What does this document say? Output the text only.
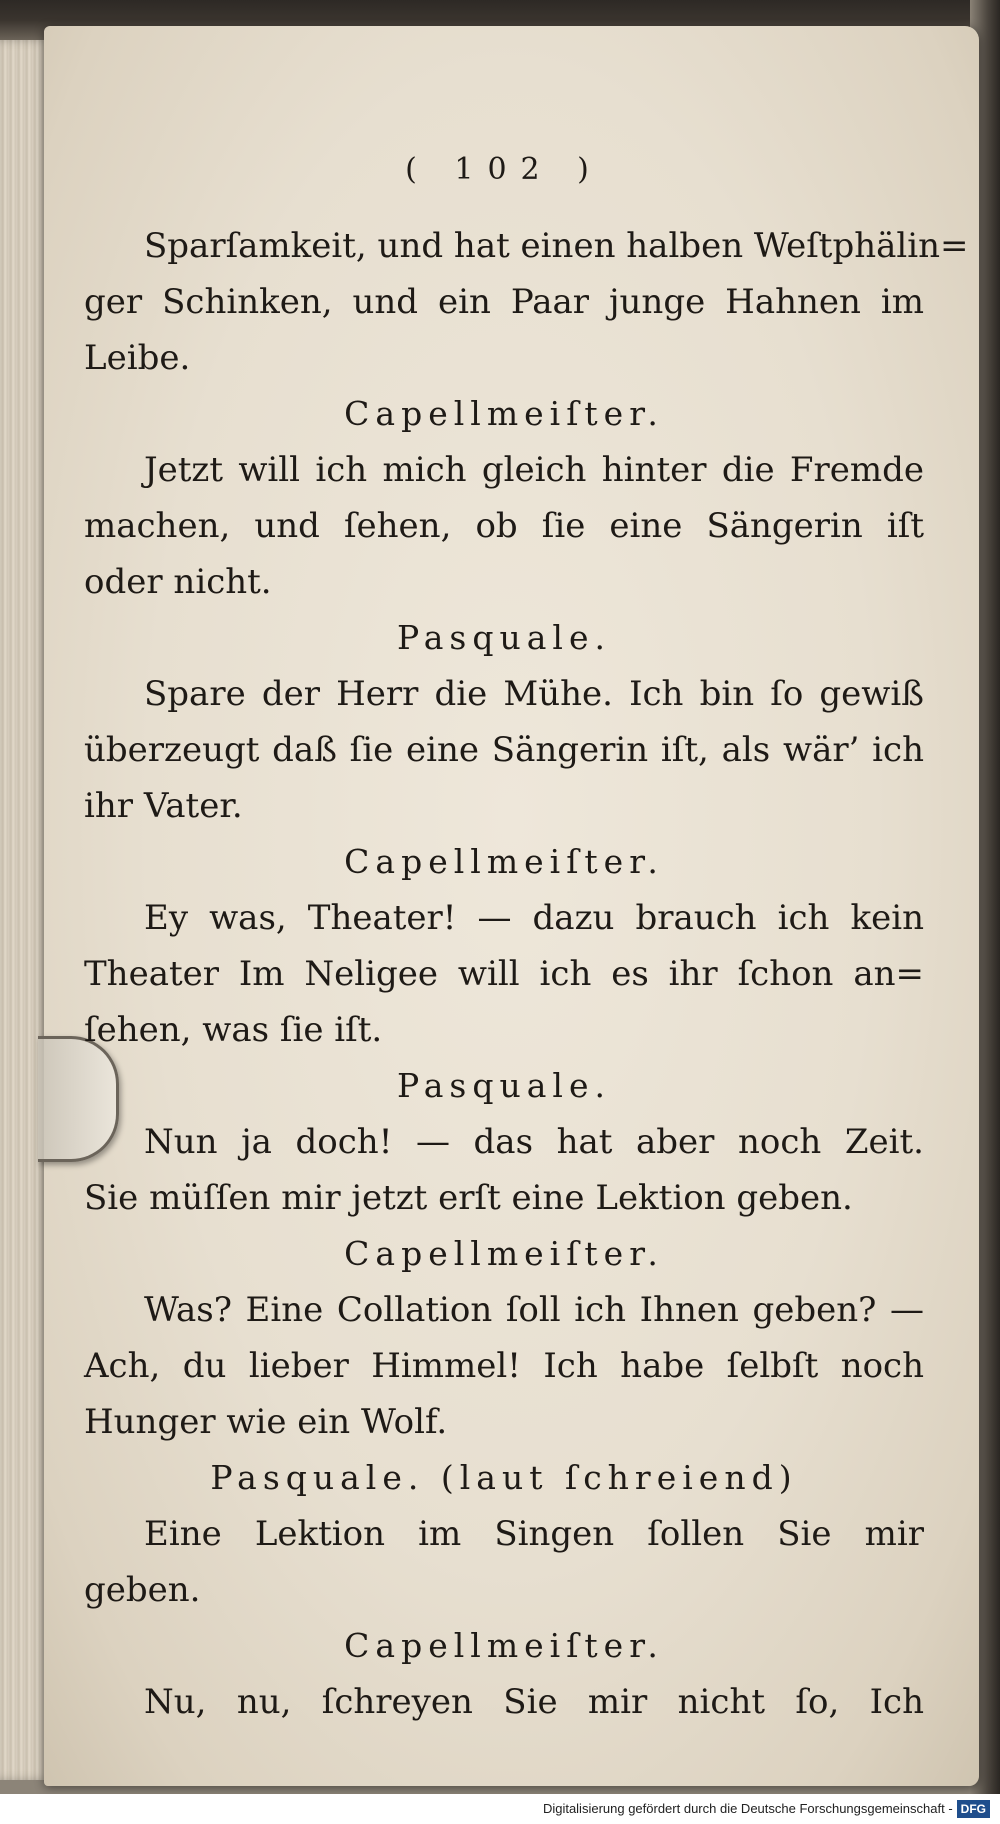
( 102 )
Sparſamkeit, und hat einen halben Weſtphälin=
ger Schinken, und ein Paar junge Hahnen im
Leibe.
Capellmeiſter.
Jetzt will ich mich gleich hinter die Fremde
machen, und ſehen, ob ſie eine Sängerin iſt
oder nicht.
Pasquale.
Spare der Herr die Mühe. Ich bin ſo gewiß
überzeugt daß ſie eine Sängerin iſt, als wär’ ich
ihr Vater.
Capellmeiſter.
Ey was, Theater! — dazu brauch ich kein
Theater Im Neligee will ich es ihr ſchon an=
ſehen, was ſie iſt.
Pasquale.
Nun ja doch! — das hat aber noch Zeit.
Sie müſſen mir jetzt erſt eine Lektion geben.
Capellmeiſter.
Was? Eine Collation ſoll ich Ihnen geben? —
Ach, du lieber Himmel! Ich habe ſelbſt noch
Hunger wie ein Wolf.
Pasquale. (laut ſchreiend)
Eine Lektion im Singen ſollen Sie mir
geben.
Capellmeiſter.
Nu, nu, ſchreyen Sie mir nicht ſo, Ich
Digitalisierung gefördert durch die Deutsche Forschungsgemeinschaft - DFG
